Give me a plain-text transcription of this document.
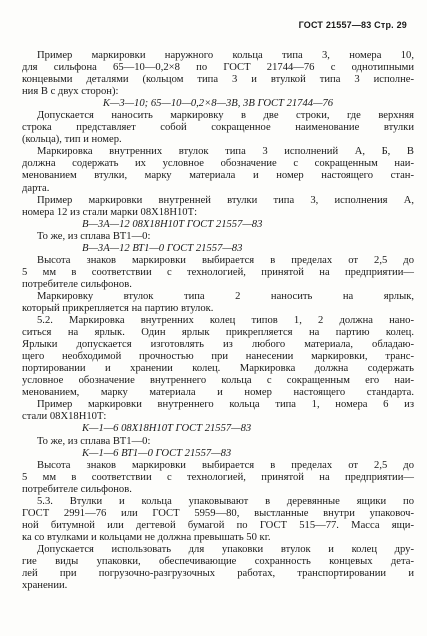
ГОСТ 21557—83 Стр. 29
Пример маркировки наружного кольца типа 3, номера 10,
для сильфона 65—10—0,2×8 по ГОСТ 21744—76 с однотипными
концевыми деталями (кольцом типа 3 и втулкой типа 3 исполне-
ния В с двух сторон):
К—3—10; 65—10—0,2×8—3В, 3В ГОСТ 21744—76
Допускается наносить маркировку в две строки, где верхняя
строка представляет собой сокращенное наименование втулки
(кольца), тип и номер.
Маркировка внутренних втулок типа 3 исполнений А, Б, В
должна содержать их условное обозначение с сокращенным наи-
менованием втулки, марку материала и номер настоящего стан-
дарта.
Пример маркировки внутренней втулки типа 3, исполнения А,
номера 12 из стали марки 08Х18Н10Т:
В—3А—12 08Х18Н10Т ГОСТ 21557—83
То же, из сплава ВТ1—0:
В—3А—12 ВТ1—0 ГОСТ 21557—83
Высота знаков маркировки выбирается в пределах от 2,5 до
5 мм в соответствии с технологией, принятой на предприятии—
потребителе сильфонов.
Маркировку втулок типа 2 наносить на ярлык,
который прикрепляется на партию втулок.
5.2. Маркировка внутренних колец типов 1, 2 должна нано-
ситься на ярлык. Один ярлык прикрепляется на партию колец.
Ярлыки допускается изготовлять из любого материала, обладаю-
щего необходимой прочностью при нанесении маркировки, транс-
портировании и хранении колец. Маркировка должна содержать
условное обозначение внутреннего кольца с сокращенным его наи-
менованием, марку материала и номер настоящего стандарта.
Пример маркировки внутреннего кольца типа 1, номера 6 из
стали 08Х18Н10Т:
К—1—6 08Х18Н10Т ГОСТ 21557—83
То же, из сплава ВТ1—0:
К—1—6 ВТ1—0 ГОСТ 21557—83
Высота знаков маркировки выбирается в пределах от 2,5 до
5 мм в соответствии с технологией, принятой на предприятии—
потребителе сильфонов.
5.3. Втулки и кольца упаковывают в деревянные ящики по
ГОСТ 2991—76 или ГОСТ 5959—80, выстланные внутри упаковоч-
ной битумной или дегтевой бумагой по ГОСТ 515—77. Масса ящи-
ка со втулками и кольцами не должна превышать 50 кг.
Допускается использовать для упаковки втулок и колец дру-
гие виды упаковки, обеспечивающие сохранность концевых дета-
лей при погрузочно-разгрузочных работах, транспортировании и
хранении.
